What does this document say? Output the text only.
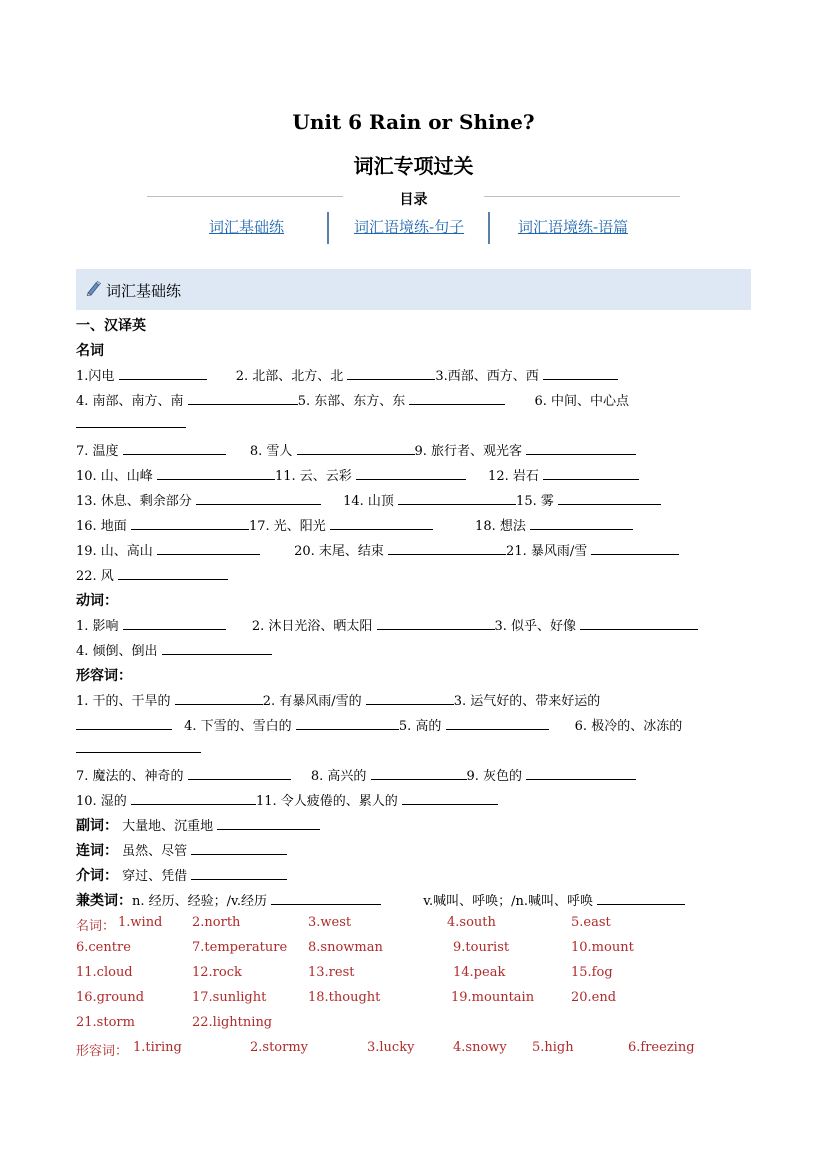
Unit 6 Rain or Shine?
词汇专项过关
目录
词汇基础练	词汇语境练-句子	词汇语境练-语篇
词汇基础练
一、汉译英
名词
1.闪电	2. 北部、北方、北	3.西部、西方、西
4. 南部、南方、南	5. 东部、东方、东	6. 中间、中心点
7. 温度	8. 雪人	9. 旅行者、观光客
10. 山、山峰	11. 云、云彩	12. 岩石
13. 休息、剩余部分	14. 山顶	15. 雾
16. 地面	17. 光、阳光	18. 想法
19. 山、高山	20. 末尾、结束	21. 暴风雨/雪
22. 风
动词：
1. 影响	2. 沐日光浴、晒太阳	3. 似乎、好像
4. 倾倒、倒出
形容词：
1. 干的、干旱的	2. 有暴风雨/雪的	3. 运气好的、带来好运的
4. 下雪的、雪白的	5. 高的	6. 极冷的、冰冻的
7. 魔法的、神奇的	8. 高兴的	9. 灰色的
10. 湿的	11. 令人疲倦的、累人的
副词： 大量地、沉重地
连词： 虽然、尽管
介词： 穿过、凭借
兼类词：n. 经历、经验；/v.经历	v.喊叫、呼唤；/n.喊叫、呼唤
名词： 1.wind 2.north	3.west	4.south	5.east
6.centre	7.temperature 8.snowman	9.tourist	10.mount
11.cloud	12.rock	13.rest	14.peak	15.fog
16.ground	17.sunlight	18.thought	19.mountain	20.end
21.storm	22.lightning
形容词： 1.tiring	2.stormy	3.lucky	4.snowy 5.high	6.freezing
